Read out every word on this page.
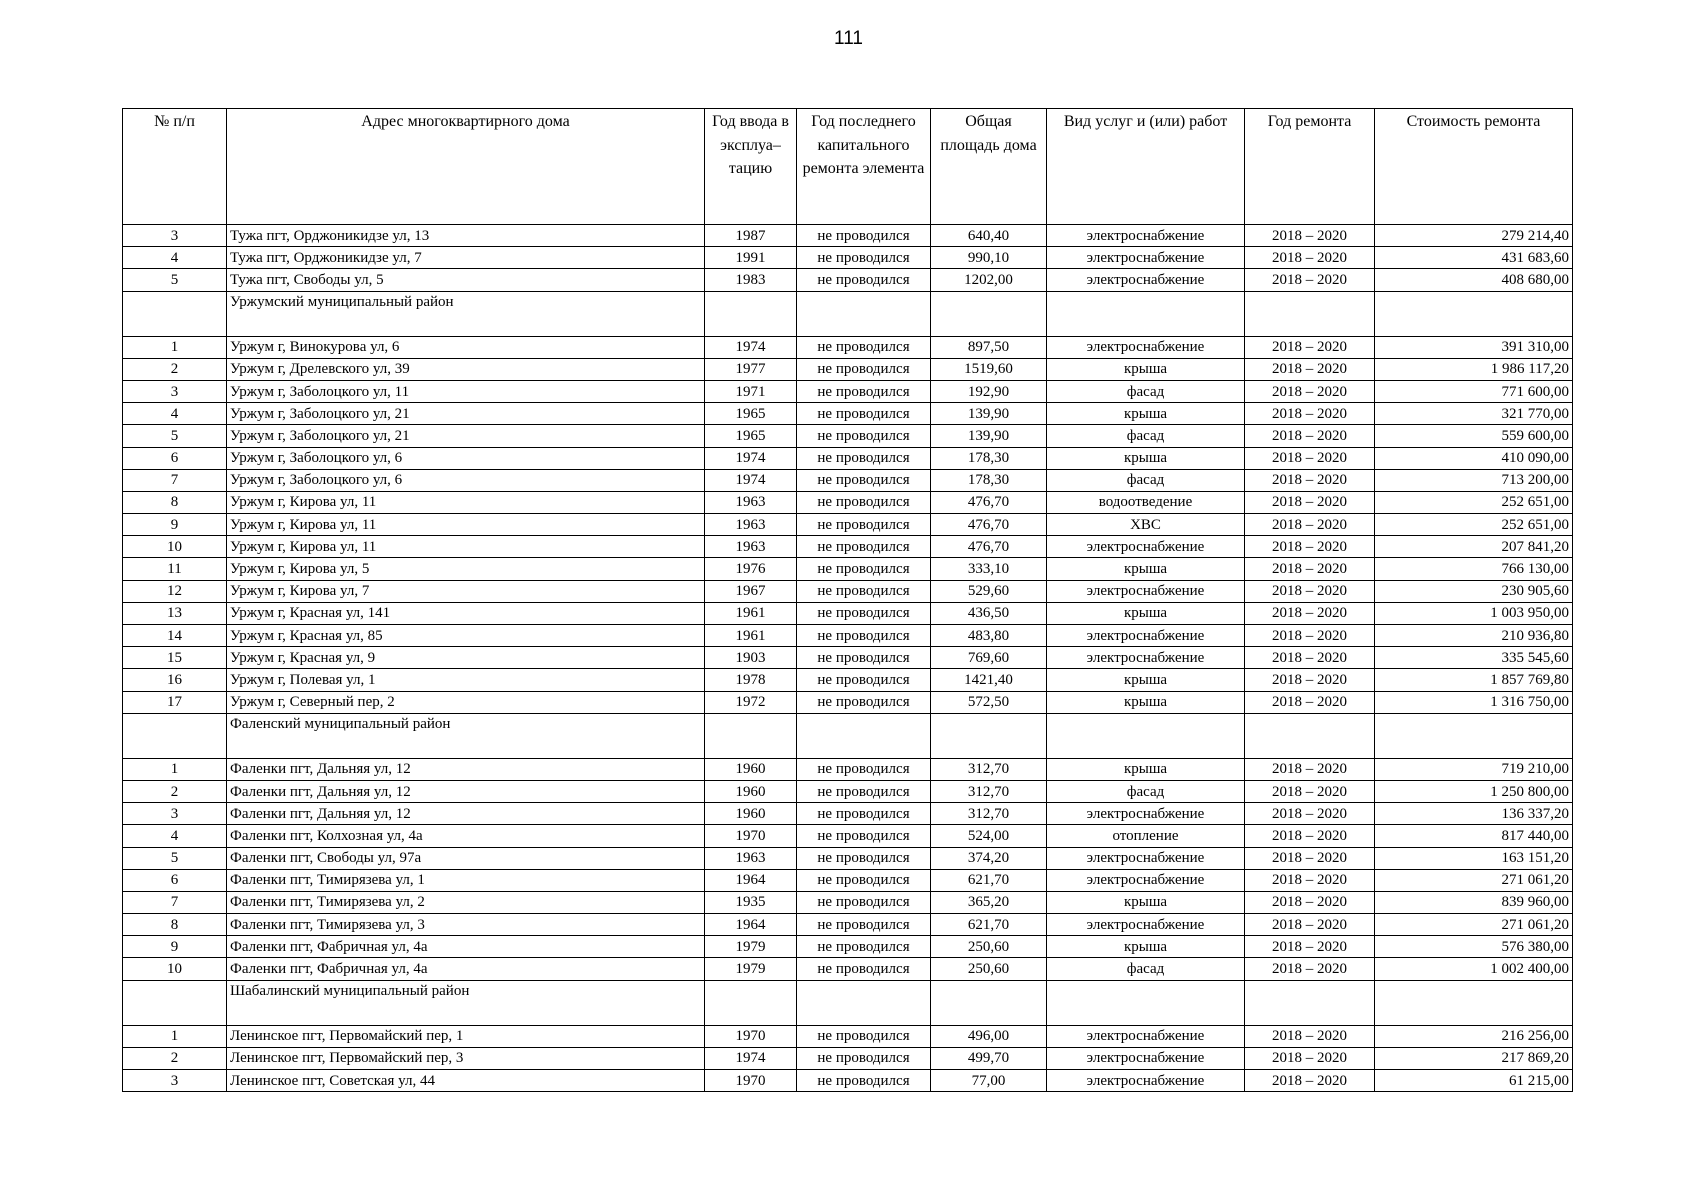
111
№ п/п	Адрес многоквартирного дома	Год ввода в эксплуа–тацию	Год последнего капитального ремонта элемента	Общая площадь дома	Вид услуг и (или) работ	Год ремонта	Стоимость ремонта
3	Тужа пгт, Орджоникидзе ул, 13	1987	не проводился	640,40	электроснабжение	2018 – 2020	279 214,40
4	Тужа пгт, Орджоникидзе ул, 7	1991	не проводился	990,10	электроснабжение	2018 – 2020	431 683,60
5	Тужа пгт, Свободы ул, 5	1983	не проводился	1202,00	электроснабжение	2018 – 2020	408 680,00
	Уржумский муниципальный район						
1	Уржум г, Винокурова ул, 6	1974	не проводился	897,50	электроснабжение	2018 – 2020	391 310,00
2	Уржум г, Дрелевского ул, 39	1977	не проводился	1519,60	крыша	2018 – 2020	1 986 117,20
3	Уржум г, Заболоцкого ул, 11	1971	не проводился	192,90	фасад	2018 – 2020	771 600,00
4	Уржум г, Заболоцкого ул, 21	1965	не проводился	139,90	крыша	2018 – 2020	321 770,00
5	Уржум г, Заболоцкого ул, 21	1965	не проводился	139,90	фасад	2018 – 2020	559 600,00
6	Уржум г, Заболоцкого ул, 6	1974	не проводился	178,30	крыша	2018 – 2020	410 090,00
7	Уржум г, Заболоцкого ул, 6	1974	не проводился	178,30	фасад	2018 – 2020	713 200,00
8	Уржум г, Кирова ул, 11	1963	не проводился	476,70	водоотведение	2018 – 2020	252 651,00
9	Уржум г, Кирова ул, 11	1963	не проводился	476,70	ХВС	2018 – 2020	252 651,00
10	Уржум г, Кирова ул, 11	1963	не проводился	476,70	электроснабжение	2018 – 2020	207 841,20
11	Уржум г, Кирова ул, 5	1976	не проводился	333,10	крыша	2018 – 2020	766 130,00
12	Уржум г, Кирова ул, 7	1967	не проводился	529,60	электроснабжение	2018 – 2020	230 905,60
13	Уржум г, Красная ул, 141	1961	не проводился	436,50	крыша	2018 – 2020	1 003 950,00
14	Уржум г, Красная ул, 85	1961	не проводился	483,80	электроснабжение	2018 – 2020	210 936,80
15	Уржум г, Красная ул, 9	1903	не проводился	769,60	электроснабжение	2018 – 2020	335 545,60
16	Уржум г, Полевая ул, 1	1978	не проводился	1421,40	крыша	2018 – 2020	1 857 769,80
17	Уржум г, Северный пер, 2	1972	не проводился	572,50	крыша	2018 – 2020	1 316 750,00
	Фаленский муниципальный район						
1	Фаленки пгт, Дальняя ул, 12	1960	не проводился	312,70	крыша	2018 – 2020	719 210,00
2	Фаленки пгт, Дальняя ул, 12	1960	не проводился	312,70	фасад	2018 – 2020	1 250 800,00
3	Фаленки пгт, Дальняя ул, 12	1960	не проводился	312,70	электроснабжение	2018 – 2020	136 337,20
4	Фаленки пгт, Колхозная ул, 4а	1970	не проводился	524,00	отопление	2018 – 2020	817 440,00
5	Фаленки пгт, Свободы ул, 97а	1963	не проводился	374,20	электроснабжение	2018 – 2020	163 151,20
6	Фаленки пгт, Тимирязева ул, 1	1964	не проводился	621,70	электроснабжение	2018 – 2020	271 061,20
7	Фаленки пгт, Тимирязева ул, 2	1935	не проводился	365,20	крыша	2018 – 2020	839 960,00
8	Фаленки пгт, Тимирязева ул, 3	1964	не проводился	621,70	электроснабжение	2018 – 2020	271 061,20
9	Фаленки пгт, Фабричная ул, 4а	1979	не проводился	250,60	крыша	2018 – 2020	576 380,00
10	Фаленки пгт, Фабричная ул, 4а	1979	не проводился	250,60	фасад	2018 – 2020	1 002 400,00
	Шабалинский муниципальный район						
1	Ленинское пгт, Первомайский пер, 1	1970	не проводился	496,00	электроснабжение	2018 – 2020	216 256,00
2	Ленинское пгт, Первомайский пер, 3	1974	не проводился	499,70	электроснабжение	2018 – 2020	217 869,20
3	Ленинское пгт, Советская ул, 44	1970	не проводился	77,00	электроснабжение	2018 – 2020	61 215,00
